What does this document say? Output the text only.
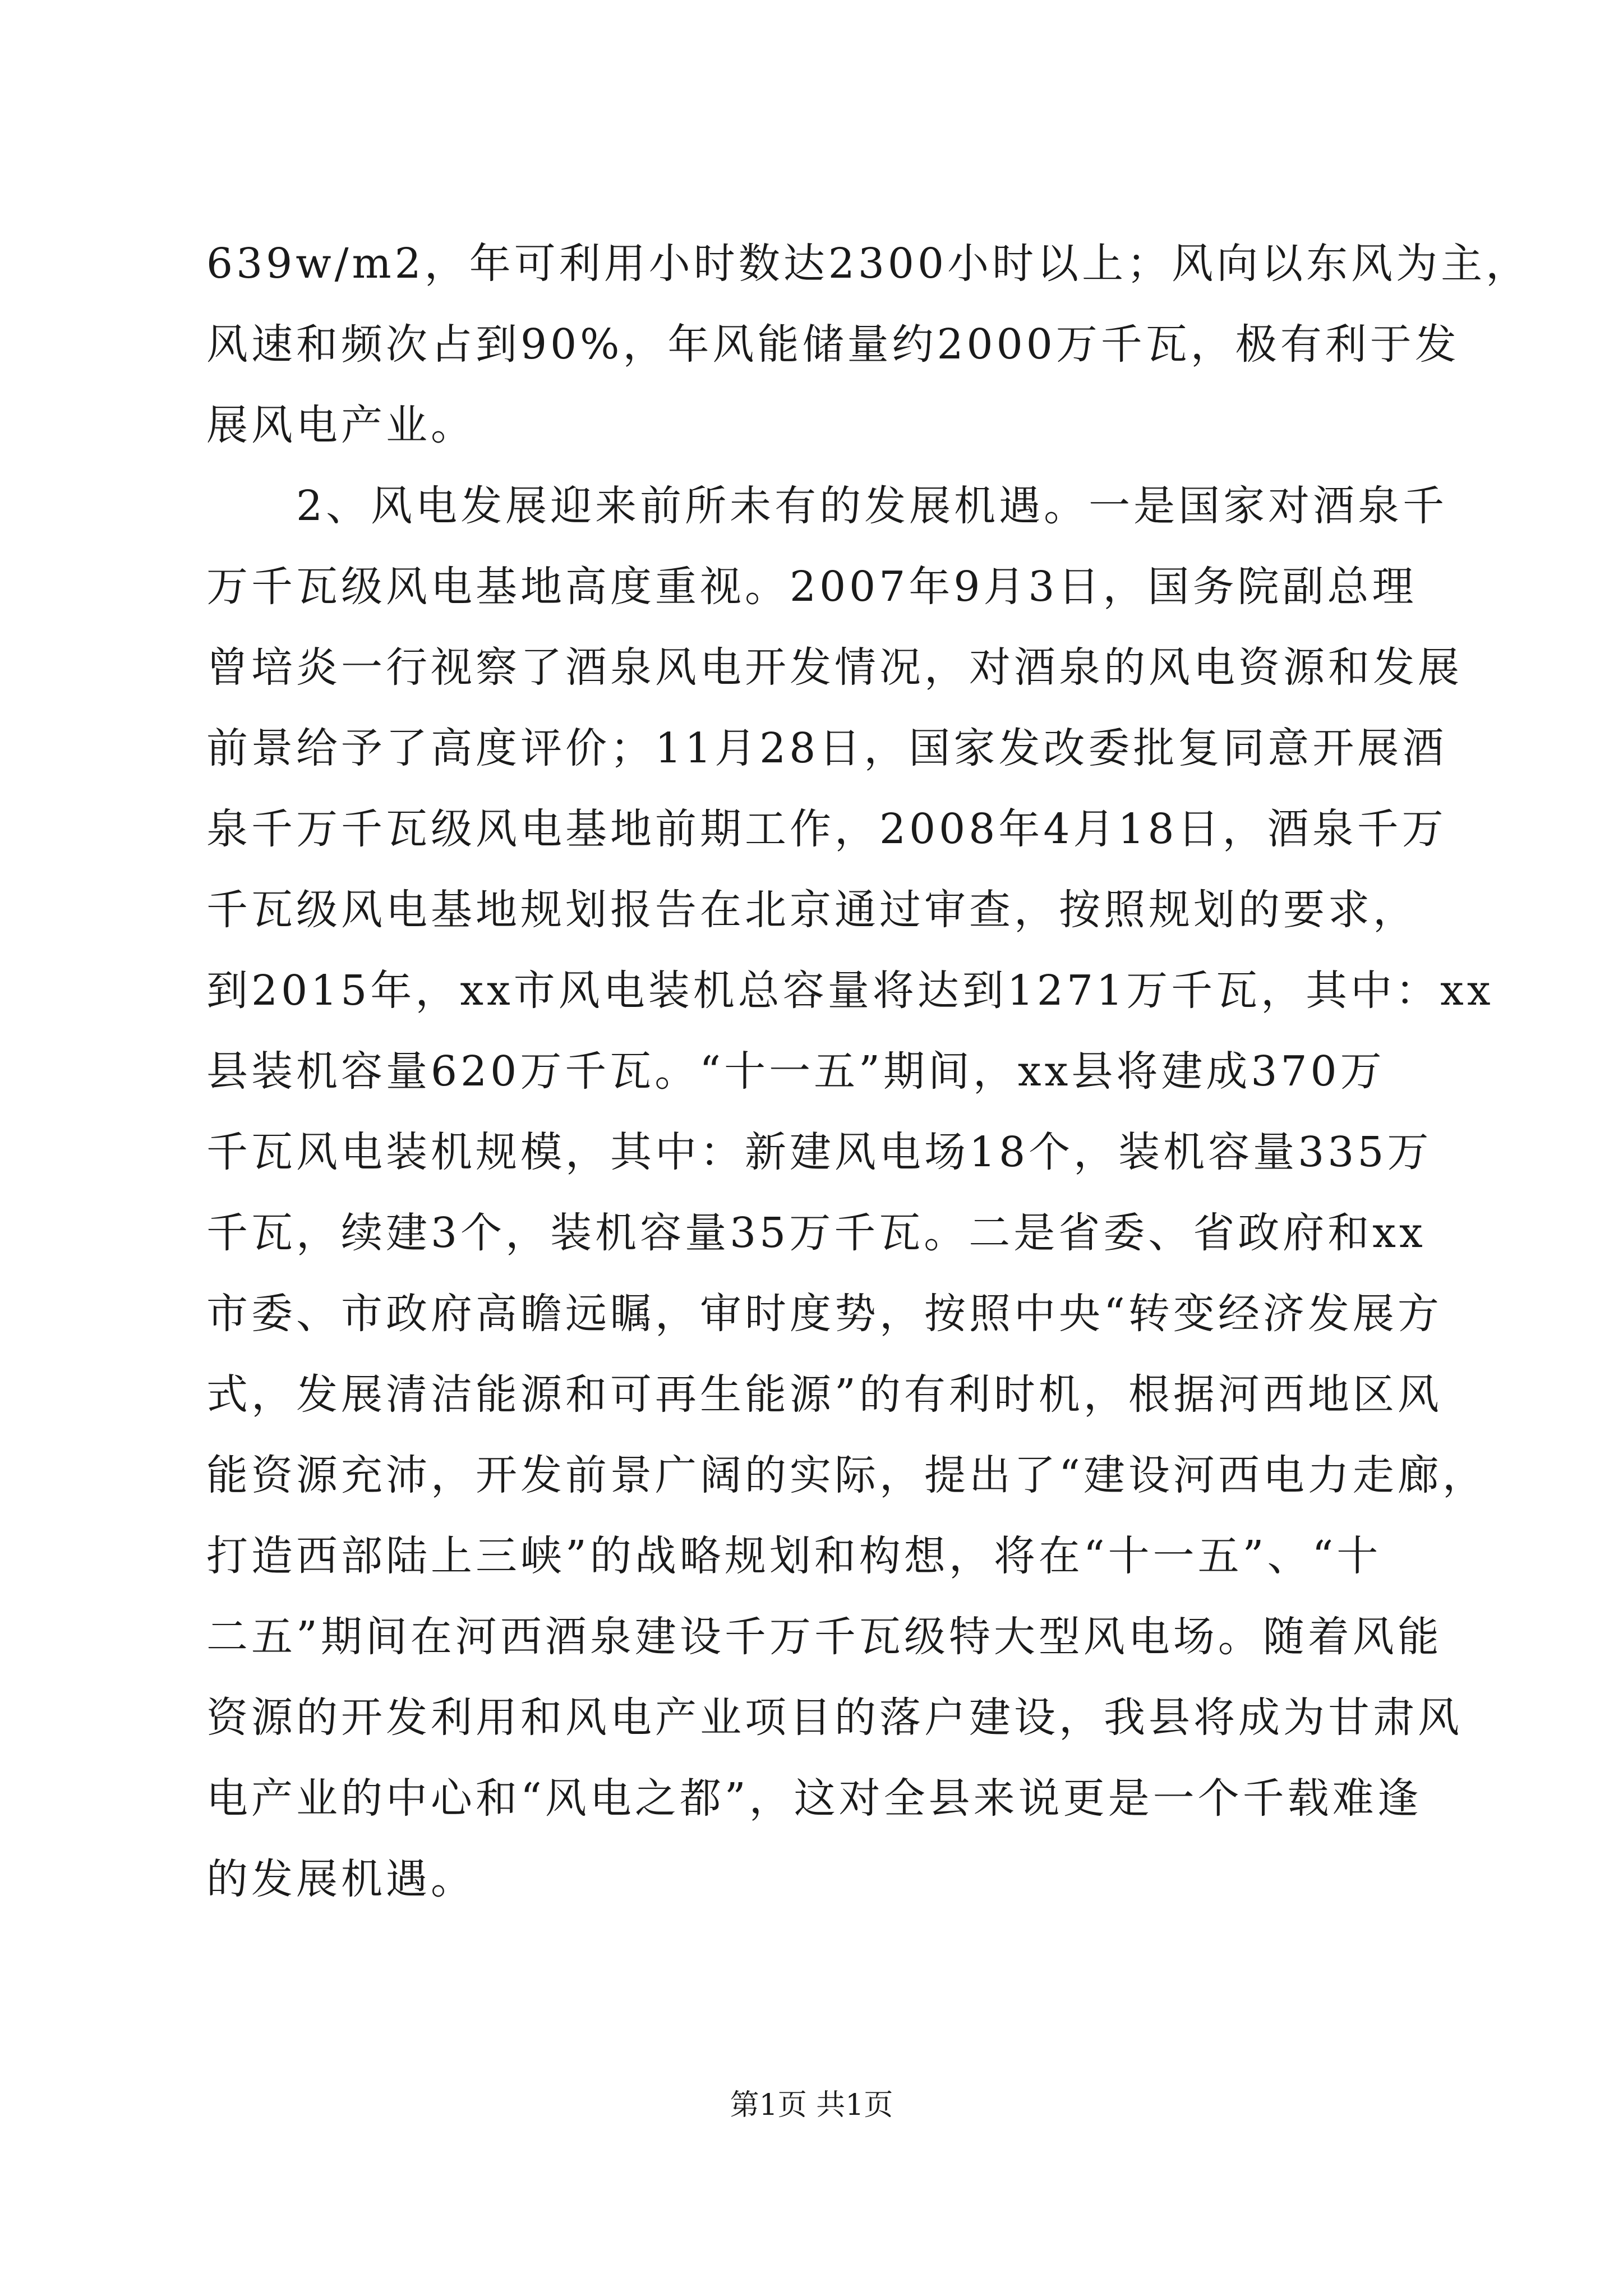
639w/m2，年可利用小时数达2300小时以上；风向以东风为主，
风速和频次占到90%，年风能储量约2000万千瓦，极有利于发
展风电产业。
　　2、风电发展迎来前所未有的发展机遇。一是国家对酒泉千
万千瓦级风电基地高度重视。2007年9月3日，国务院副总理
曾培炎一行视察了酒泉风电开发情况，对酒泉的风电资源和发展
前景给予了高度评价；11月28日，国家发改委批复同意开展酒
泉千万千瓦级风电基地前期工作，2008年4月18日，酒泉千万
千瓦级风电基地规划报告在北京通过审查，按照规划的要求，
到2015年，xx市风电装机总容量将达到1271万千瓦，其中：xx
县装机容量620万千瓦。“十一五”期间，xx县将建成370万
千瓦风电装机规模，其中：新建风电场18个，装机容量335万
千瓦，续建3个，装机容量35万千瓦。二是省委、省政府和xx
市委、市政府高瞻远瞩，审时度势，按照中央“转变经济发展方
式，发展清洁能源和可再生能源”的有利时机，根据河西地区风
能资源充沛，开发前景广阔的实际，提出了“建设河西电力走廊，
打造西部陆上三峡”的战略规划和构想，将在“十一五”、“十
二五”期间在河西酒泉建设千万千瓦级特大型风电场。随着风能
资源的开发利用和风电产业项目的落户建设，我县将成为甘肃风
电产业的中心和“风电之都”，这对全县来说更是一个千载难逢
的发展机遇。
第1页 共1页
